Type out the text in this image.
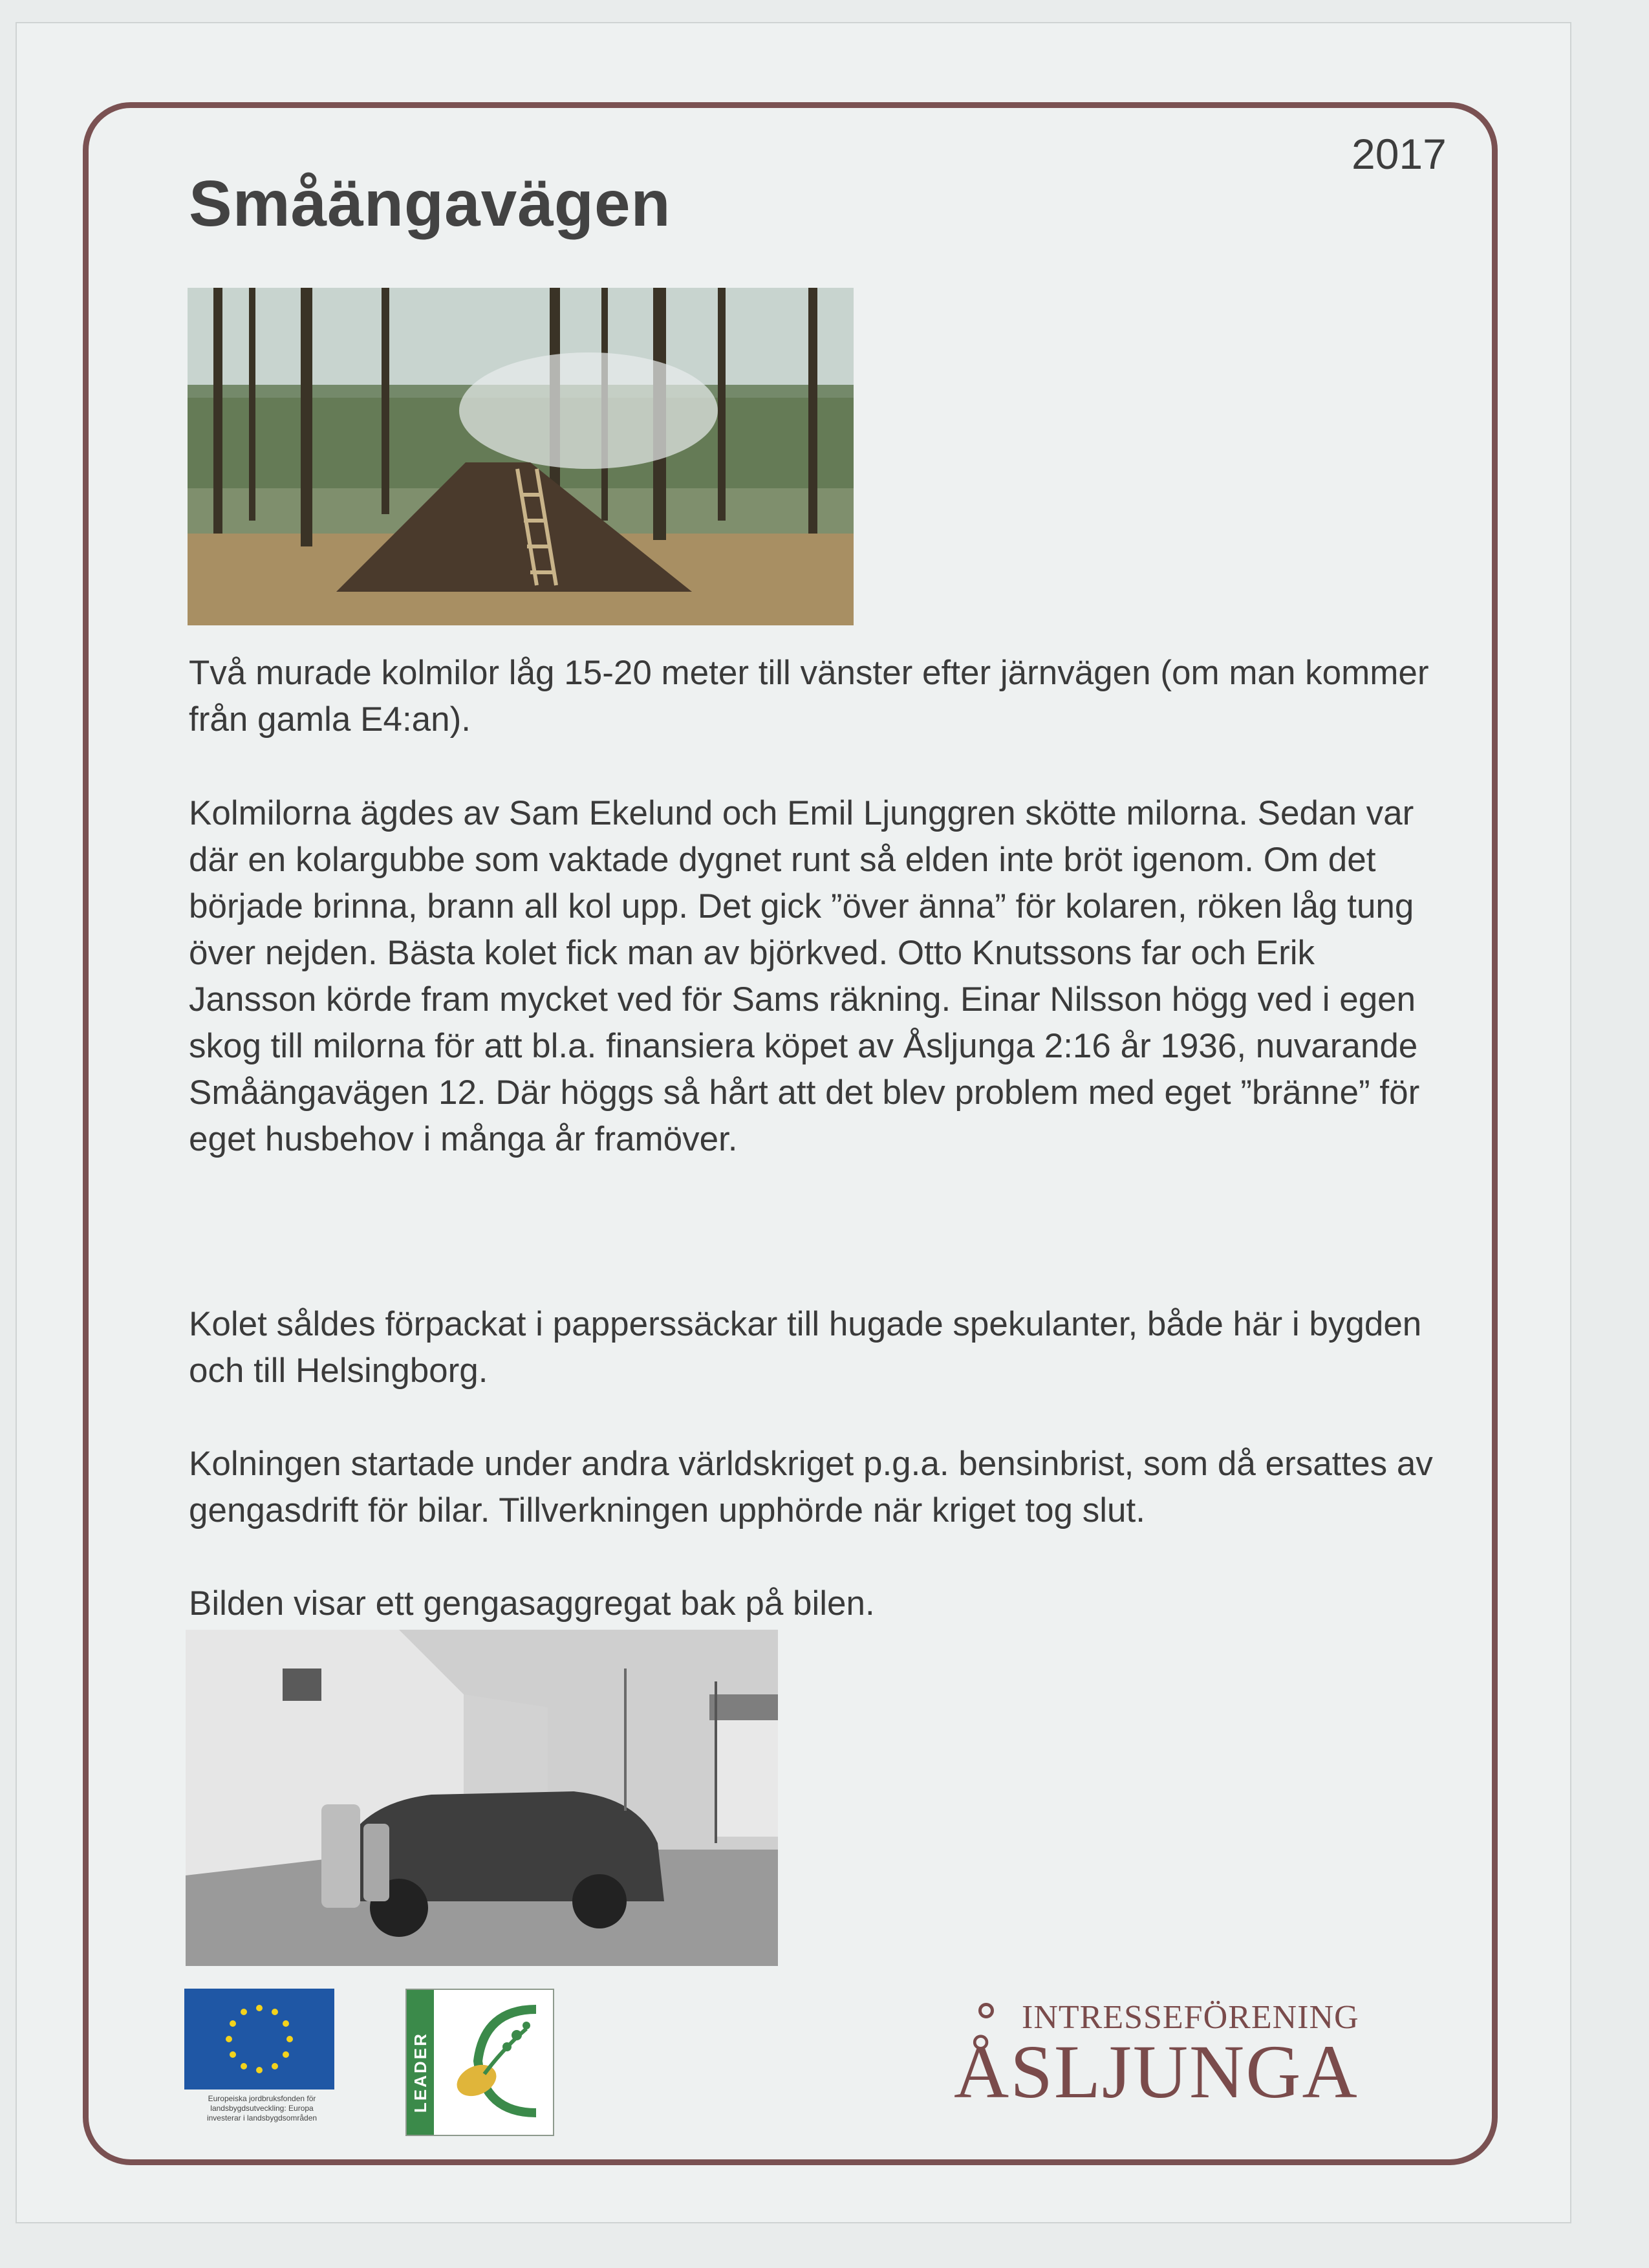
2017
Småängavägen

Två murade kolmilor låg 15-20 meter till vänster efter järnvägen (om man kommer från gamla E4:an).

Kolmilorna ägdes av Sam Ekelund och Emil Ljunggren skötte milorna. Sedan var där en kolargubbe som vaktade dygnet runt så elden inte bröt igenom. Om det började brinna, brann all kol upp. Det gick ”över änna” för kolaren, röken låg tung över nejden. Bästa kolet fick man av björkved. Otto Knutssons far och Erik Jansson körde fram mycket ved för Sams räkning. Einar Nilsson högg ved i egen skog till milorna för att bl.a. finansiera köpet av Åsljunga 2:16 år 1936, nuvarande Småängavägen 12. Där höggs så hårt att det blev problem med eget ”bränne” för eget husbehov i många år framöver.

Kolet såldes förpackat i papperssäckar till hugade spekulanter, både här i bygden och till Helsingborg.

Kolningen startade under andra världskriget p.g.a. bensinbrist, som då ersattes av gengasdrift för bilar. Tillverkningen upphörde när kriget tog slut.

Bilden visar ett gengasaggregat bak på bilen.

Europeiska jordbruksfonden för
landsbygdsutveckling: Europa
investerar i landsbygdsområden
LEADER
INTRESSEFÖRENING
ÅSLJUNGA
